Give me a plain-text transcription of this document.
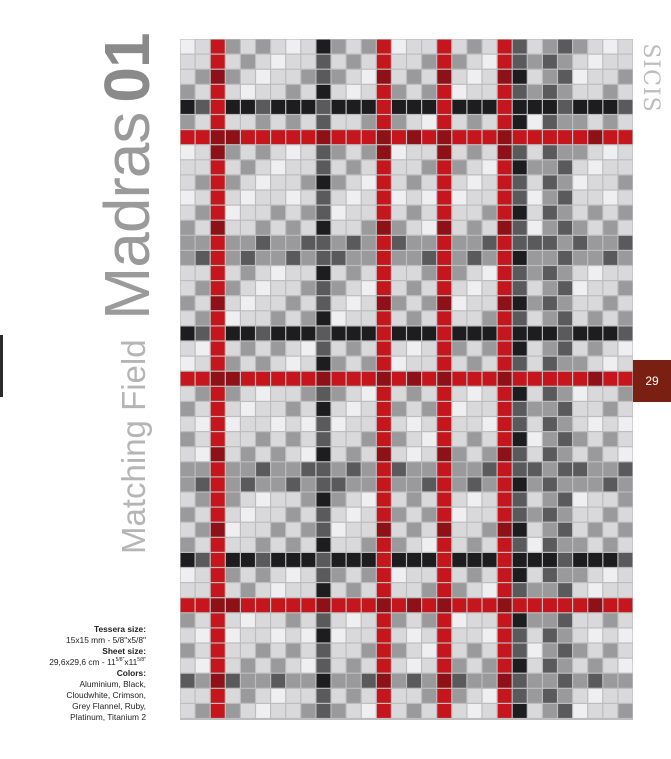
Madras01
Matching Field
Tessera size:
15x15 mm - 5/8"x5/8"
Sheet size:
29,6x29,6 cm - $11^{5/8"}x11^{5/8"}$
Colors:
Aluminium, Black,
Cloudwhite, Crimson,
Grey Flannel, Ruby,
Platinum, Titanium 2
SICIS
29
